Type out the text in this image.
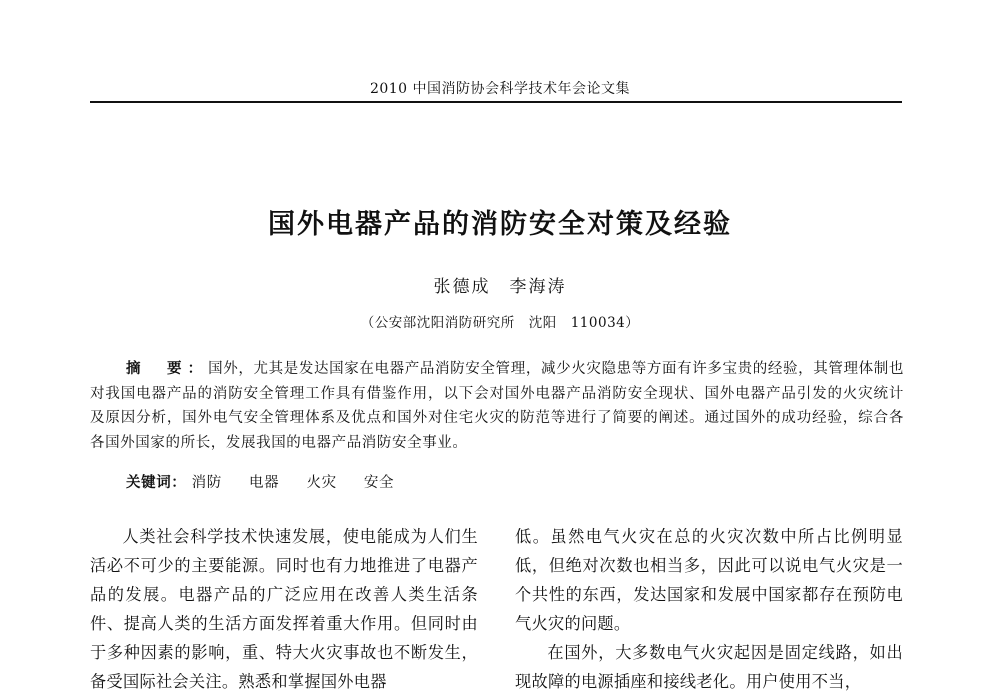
2010 中国消防协会科学技术年会论文集
国外电器产品的消防安全对策及经验
张德成　李海涛
（公安部沈阳消防研究所　沈阳　110034）
摘　要：国外，尤其是发达国家在电器产品消防安全管理，减少火灾隐患等方面有许多宝贵的经验，其管理体制也对我国电器产品的消防安全管理工作具有借鉴作用，以下会对国外电器产品消防安全现状、国外电器产品引发的火灾统计及原因分析，国外电气安全管理体系及优点和国外对住宅火灾的防范等进行了简要的阐述。通过国外的成功经验，综合各各国外国家的所长，发展我国的电器产品消防安全事业。
关键词： 消防 电器 火灾 安全

人类社会科学技术快速发展，使电能成为人们生活必不可少的主要能源。同时也有力地推进了电器产品的发展。电器产品的广泛应用在改善人类生活条件、提高人类的生活方面发挥着重大作用。但同时由于多种因素的影响，重、特大火灾事故也不断发生，备受国际社会关注。熟悉和掌握国外电器

低。虽然电气火灾在总的火灾次数中所占比例明显低，但绝对次数也相当多，因此可以说电气火灾是一个共性的东西，发达国家和发展中国家都存在预防电气火灾的问题。

在国外，大多数电气火灾起因是固定线路，如出现故障的电源插座和接线老化。用户使用不当，
